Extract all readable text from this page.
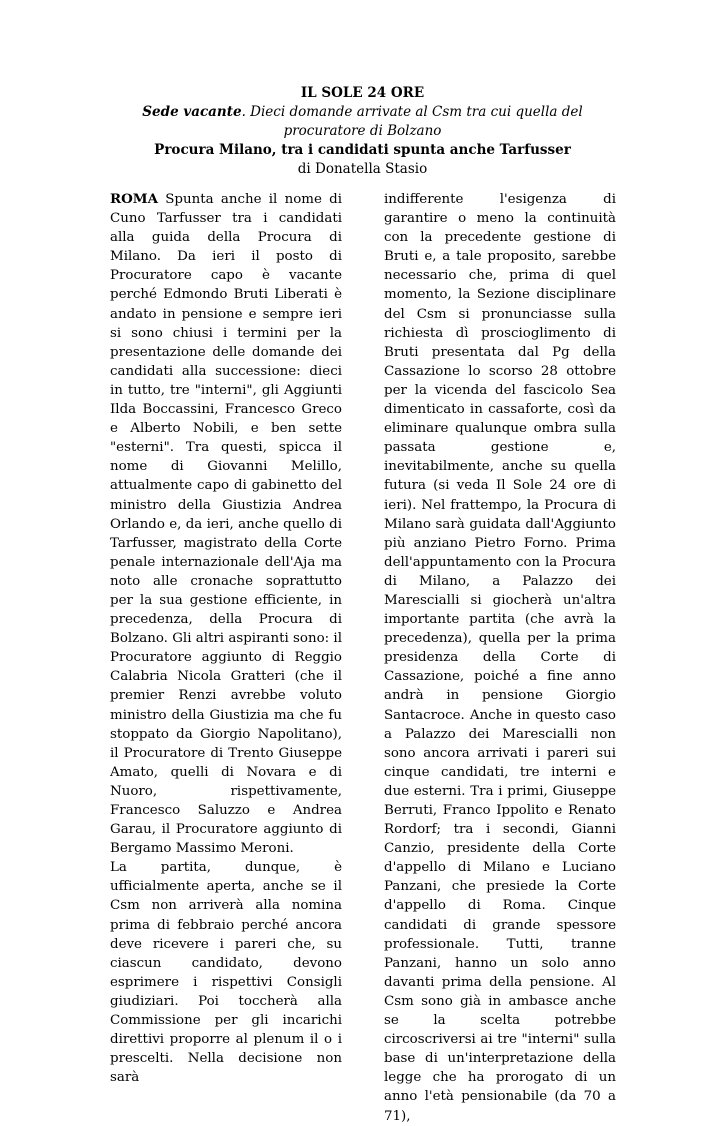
IL SOLE 24 ORE
Sede vacante. Dieci domande arrivate al Csm tra cui quella del procuratore di Bolzano
Procura Milano, tra i candidati spunta anche Tarfusser
di Donatella Stasio

ROMA Spunta anche il nome di Cuno Tarfusser tra i candidati alla guida della Procura di Milano. Da ieri il posto di Procuratore capo è vacante perché Edmondo Bruti Liberati è andato in pensione e sempre ieri si sono chiusi i termini per la presentazione delle domande dei candidati alla successione: dieci in tutto, tre "interni", gli Aggiunti Ilda Boccassini, Francesco Greco e Alberto Nobili, e ben sette "esterni". Tra questi, spicca il nome di Giovanni Melillo, attualmente capo di gabinetto del ministro della Giustizia Andrea Orlando e, da ieri, anche quello di Tarfusser, magistrato della Corte penale internazionale dell'Aja ma noto alle cronache soprattutto per la sua gestione efficiente, in precedenza, della Procura di Bolzano. Gli altri aspiranti sono: il Procuratore aggiunto di Reggio Calabria Nicola Gratteri (che il premier Renzi avrebbe voluto ministro della Giustizia ma che fu stoppato da Giorgio Napolitano), il Procuratore di Trento Giuseppe Amato, quelli di Novara e di Nuoro, rispettivamente, Francesco Saluzzo e Andrea Garau, il Procuratore aggiunto di Bergamo Massimo Meroni.

La partita, dunque, è ufficialmente aperta, anche se il Csm non arriverà alla nomina prima di febbraio perché ancora deve ricevere i pareri che, su ciascun candidato, devono esprimere i rispettivi Consigli giudiziari. Poi toccherà alla Commissione per gli incarichi direttivi proporre al plenum il o i prescelti. Nella decisione non sarà

indifferente l'esigenza di garantire o meno la continuità con la precedente gestione di Bruti e, a tale proposito, sarebbe necessario che, prima di quel momento, la Sezione disciplinare del Csm si pronunciasse sulla richiesta dì proscioglimento di Bruti presentata dal Pg della Cassazione lo scorso 28 ottobre per la vicenda del fascicolo Sea dimenticato in cassaforte, così da eliminare qualunque ombra sulla passata gestione e, inevitabilmente, anche su quella futura (si veda Il Sole 24 ore di ieri). Nel frattempo, la Procura di Milano sarà guidata dall'Aggiunto più anziano Pietro Forno. Prima dell'appuntamento con la Procura di Milano, a Palazzo dei Marescialli si giocherà un'altra importante partita (che avrà la precedenza), quella per la prima presidenza della Corte di Cassazione, poiché a fine anno andrà in pensione Giorgio Santacroce. Anche in questo caso a Palazzo dei Marescialli non sono ancora arrivati i pareri sui cinque candidati, tre interni e due esterni. Tra i primi, Giuseppe Berruti, Franco Ippolito e Renato Rordorf; tra i secondi, Gianni Canzio, presidente della Corte d'appello di Milano e Luciano Panzani, che presiede la Corte d'appello di Roma. Cinque candidati di grande spessore professionale. Tutti, tranne Panzani, hanno un solo anno davanti prima della pensione. Al Csm sono già in ambasce anche se la scelta potrebbe circoscriversi ai tre "interni" sulla base di un'interpretazione della legge che ha prorogato di un anno l'età pensionabile (da 70 a 71),
